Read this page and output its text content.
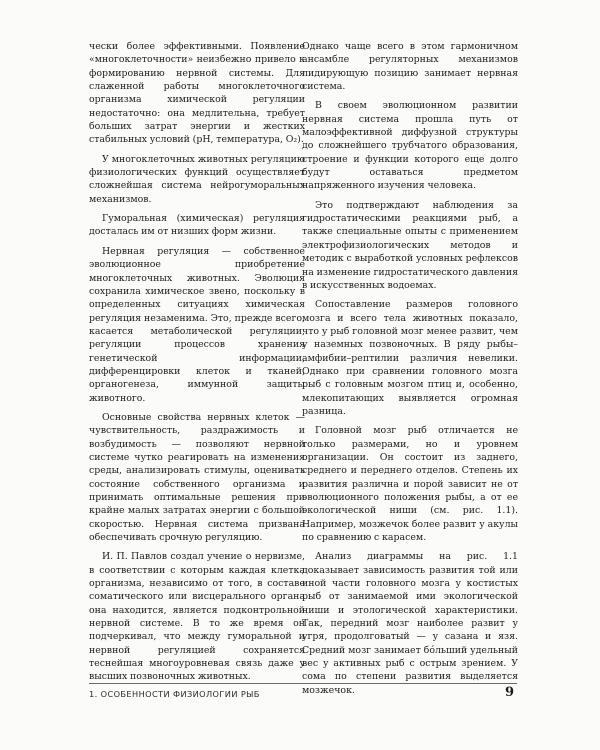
чески более эффективными. Появление «многоклеточности» неизбежно привело к формированию нервной системы. Для слаженной работы многоклеточного организма химической регуляции недостаточно: она медлительна, требует больших затрат энергии и жестких стабильных условий (pH, температура, O₂).

У многоклеточных животных регуляцию физиологических функций осуществляет сложнейшая система нейрогуморальных механизмов.

Гуморальная (химическая) регуляция досталась им от низших форм жизни.

Нервная регуляция — собственное эволюционное приобретение многоклеточных животных. Эволюция сохранила химическое звено, поскольку в определенных ситуациях химическая регуляция незаменима. Это, прежде всего, касается метаболической регуляции, регуляции процессов хранения генетической информации, дифференцировки клеток и тканей, органогенеза, иммунной защиты животного.

Основные свойства нервных клеток — чувствительность, раздражимость и возбудимость — позволяют нервной системе чутко реагировать на изменения среды, анализировать стимулы, оценивать состояние собственного организма и принимать оптимальные решения при крайне малых затратах энергии с большой скоростью. Нервная система призвана обеспечивать срочную регуляцию.

И. П. Павлов создал учение о нервизме, в соответствии с которым каждая клетка организма, независимо от того, в составе соматического или висцерального органа она находится, является подконтрольной нервной системе. В то же время он подчеркивал, что между гуморальной и нервной регуляцией сохраняется теснейшая многоуровневая связь даже у высших позвоночных животных.

Однако чаще всего в этом гармоничном ансамбле регуляторных механизмов лидирующую позицию занимает нервная система.

В своем эволюционном развитии нервная система прошла путь от малоэффективной диффузной структуры до сложнейшего трубчатого образования, строение и функции которого еще долго будут оставаться предметом напряженного изучения человека.

Это подтверждают наблюдения за гидростатическими реакциями рыб, а также специальные опыты с применением электрофизиологических методов и методик с выработкой условных рефлексов на изменение гидростатического давления в искусственных водоемах.

Сопоставление размеров головного мозга и всего тела животных показало, что у рыб головной мозг менее развит, чем у наземных позвоночных. В ряду рыбы–амфибии–рептилии различия невелики. Однако при сравнении головного мозга рыб с головным мозгом птиц и, особенно, млекопитающих выявляется огромная разница.

Головной мозг рыб отличается не только размерами, но и уровнем организации. Он состоит из заднего, среднего и переднего отделов. Степень их развития различна и порой зависит не от эволюционного положения рыбы, а от ее экологической ниши (см. рис. 1.1). Например, мозжечок более развит у акулы по сравнению с карасем.

Анализ диаграммы на рис. 1.1 доказывает зависимость развития той или иной части головного мозга у костистых рыб от занимаемой ими экологической ниши и этологической характеристики. Так, передний мозг наиболее развит у угря, продолговатый — у сазана и язя. Средний мозг занимает бóльший удельный вес у активных рыб с острым зрением. У сома по степени развития выделяется мозжечок.

1. ОСОБЕННОСТИ ФИЗИОЛОГИИ РЫБ	9
